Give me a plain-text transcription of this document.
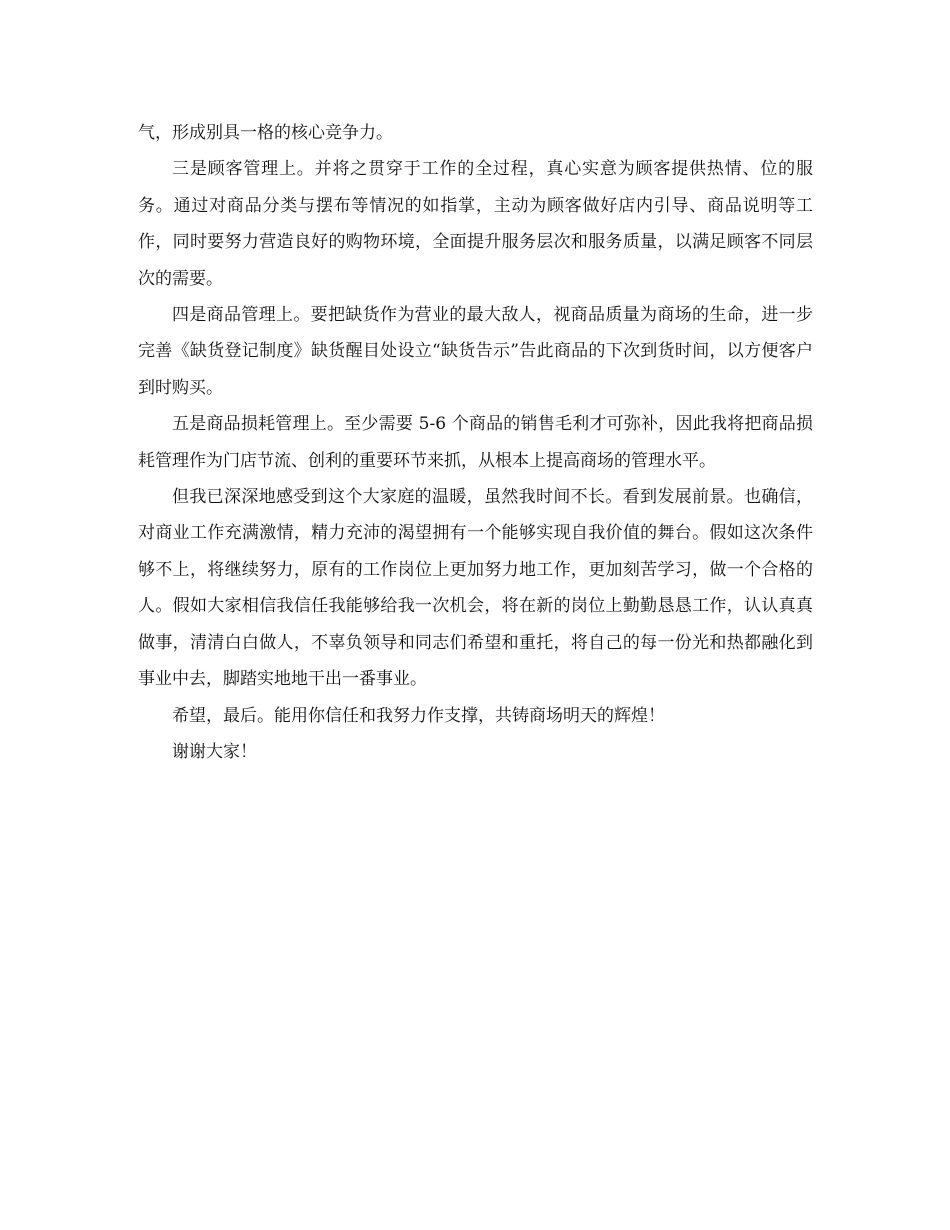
气，形成别具一格的核心竞争力。

三是顾客管理上。并将之贯穿于工作的全过程，真心实意为顾客提供热情、位的服务。通过对商品分类与摆布等情况的如指掌，主动为顾客做好店内引导、商品说明等工作，同时要努力营造良好的购物环境，全面提升服务层次和服务质量，以满足顾客不同层次的需要。

四是商品管理上。要把缺货作为营业的最大敌人，视商品质量为商场的生命，进一步完善《缺货登记制度》缺货醒目处设立“缺货告示”告此商品的下次到货时间，以方便客户到时购买。

五是商品损耗管理上。至少需要 5-6 个商品的销售毛利才可弥补，因此我将把商品损耗管理作为门店节流、创利的重要环节来抓，从根本上提高商场的管理水平。

但我已深深地感受到这个大家庭的温暖，虽然我时间不长。看到发展前景。也确信，对商业工作充满激情，精力充沛的渴望拥有一个能够实现自我价值的舞台。假如这次条件够不上，将继续努力，原有的工作岗位上更加努力地工作，更加刻苦学习，做一个合格的人。假如大家相信我信任我能够给我一次机会，将在新的岗位上勤勤恳恳工作，认认真真做事，清清白白做人，不辜负领导和同志们希望和重托，将自己的每一份光和热都融化到事业中去，脚踏实地地干出一番事业。

希望，最后。能用你信任和我努力作支撑，共铸商场明天的辉煌！

谢谢大家！
